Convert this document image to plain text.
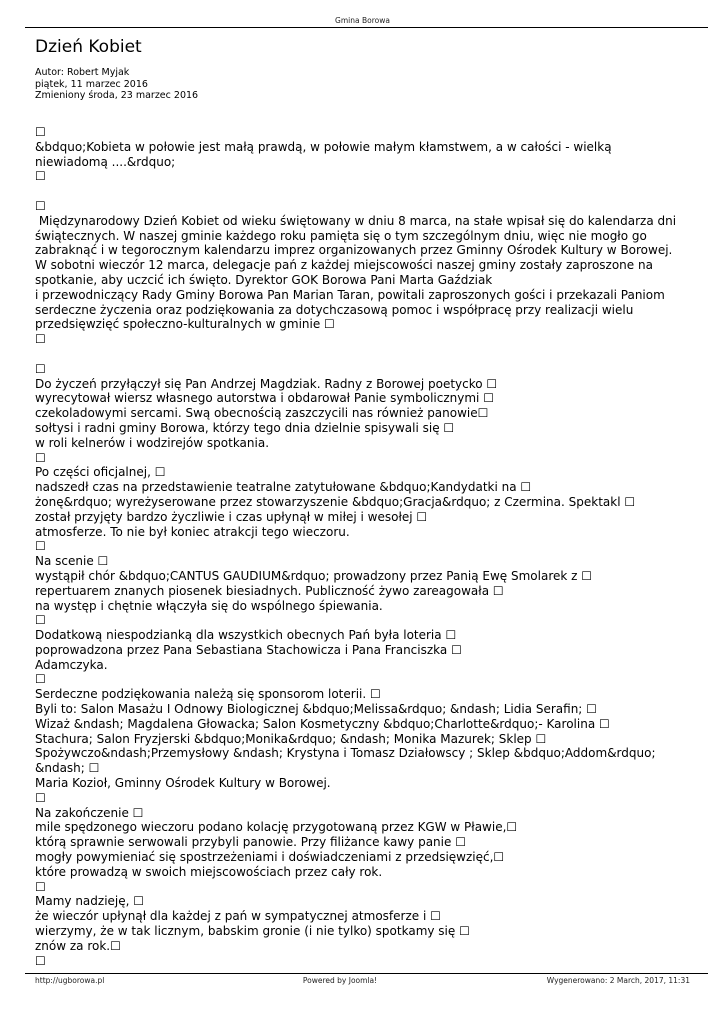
Gmina Borowa
Dzień Kobiet
Autor: Robert Myjak
piątek, 11 marzec 2016
Zmieniony środa, 23 marzec 2016

☐

&bdquo;Kobieta w połowie jest małą prawdą, w połowie małym kłamstwem, a w całości - wielką niewiadomą ....&rdquo;

☐

☐

Międzynarodowy Dzień Kobiet od wieku świętowany w dniu 8 marca, na stałe wpisał się do kalendarza dni świątecznych. W naszej gminie każdego roku pamięta się o tym szczególnym dniu, więc nie mogło go zabraknąć i w tegorocznym kalendarzu imprez organizowanych przez Gminny Ośrodek Kultury w Borowej. W sobotni wieczór 12 marca, delegacje pań z każdej miejscowości naszej gminy zostały zaproszone na spotkanie, aby uczcić ich święto. Dyrektor GOK Borowa Pani Marta Gaździak

i przewodniczący Rady Gminy Borowa Pan Marian Taran, powitali zaproszonych gości i przekazali Paniom serdeczne życzenia oraz podziękowania za dotychczasową pomoc i współpracę przy realizacji wielu przedsięwzięć społeczno-kulturalnych w gminie ☐

☐

☐

Do życzeń przyłączył się Pan Andrzej Magdziak. Radny z Borowej poetycko ☐

wyrecytował wiersz własnego autorstwa i obdarował Panie symbolicznymi ☐

czekoladowymi sercami. Swą obecnością zaszczycili nas również panowie☐

sołtysi i radni gminy Borowa, którzy tego dnia dzielnie spisywali się ☐

w roli kelnerów i wodzirejów spotkania.

☐

Po części oficjalnej, ☐

nadszedł czas na przedstawienie teatralne zatytułowane &bdquo;Kandydatki na ☐

żonę&rdquo; wyreżyserowane przez stowarzyszenie &bdquo;Gracja&rdquo; z Czermina. Spektakl ☐

został przyjęty bardzo życzliwie i czas upłynął w miłej i wesołej ☐

atmosferze. To nie był koniec atrakcji tego wieczoru.

☐

Na scenie ☐

wystąpił chór &bdquo;CANTUS GAUDIUM&rdquo; prowadzony przez Panią Ewę Smolarek z ☐

repertuarem znanych piosenek biesiadnych. Publiczność żywo zareagowała ☐

na występ i chętnie włączyła się do wspólnego śpiewania.

☐

Dodatkową niespodzianką dla wszystkich obecnych Pań była loteria ☐

poprowadzona przez Pana Sebastiana Stachowicza i Pana Franciszka ☐

Adamczyka.

☐

Serdeczne podziękowania należą się sponsorom loterii. ☐

Byli to: Salon Masażu I Odnowy Biologicznej &bdquo;Melissa&rdquo; &ndash; Lidia Serafin; ☐

Wizaż &ndash; Magdalena Głowacka; Salon Kosmetyczny &bdquo;Charlotte&rdquo;- Karolina ☐

Stachura; Salon Fryzjerski &bdquo;Monika&rdquo; &ndash; Monika Mazurek; Sklep ☐

Spożywczo&ndash;Przemysłowy &ndash; Krystyna i Tomasz Działowscy ; Sklep &bdquo;Addom&rdquo;

&ndash; ☐

Maria Kozioł, Gminny Ośrodek Kultury w Borowej.

☐

Na zakończenie ☐

mile spędzonego wieczoru podano kolację przygotowaną przez KGW w Pławie,☐

którą sprawnie serwowali przybyli panowie. Przy filiżance kawy panie ☐

mogły powymieniać się spostrzeżeniami i doświadczeniami z przedsięwzięć,☐

które prowadzą w swoich miejscowościach przez cały rok.

☐

Mamy nadzieję, ☐

że wieczór upłynął dla każdej z pań w sympatycznej atmosferze i ☐

wierzymy, że w tak licznym, babskim gronie (i nie tylko) spotkamy się ☐

znów za rok.☐

☐

http://ugborowa.pl	Powered by Joomla!	Wygenerowano: 2 March, 2017, 11:31
